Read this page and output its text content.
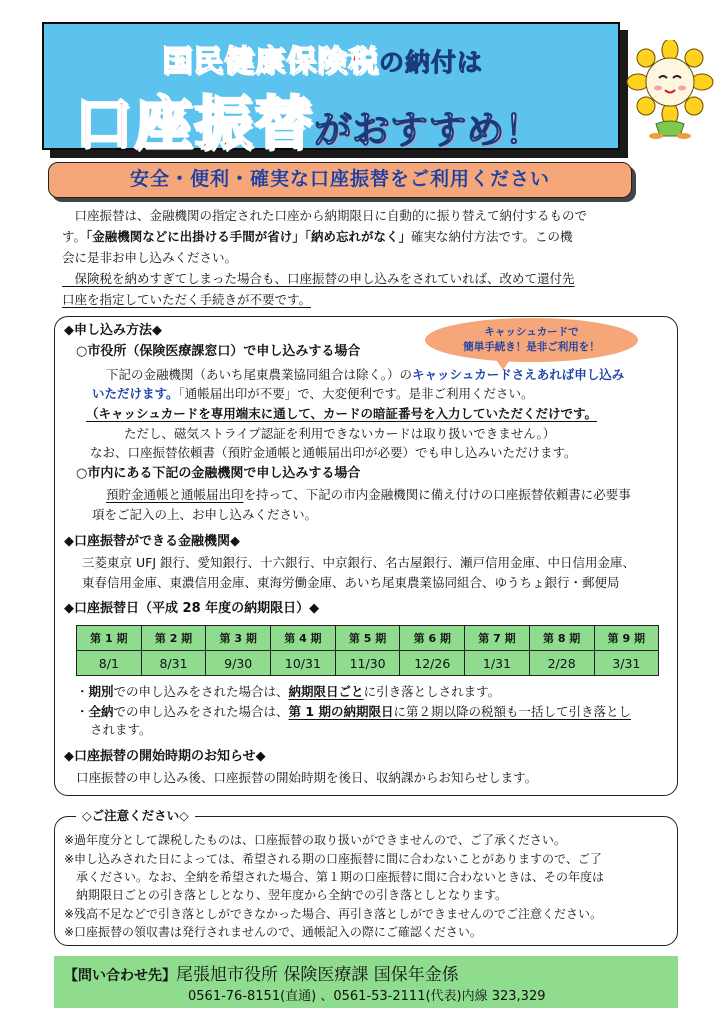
国民健康保険税の納付は
口座振替がおすすめ！
安全・便利・確実な口座振替をご利用ください

　口座振替は、金融機関の指定された口座から納期限日に自動的に振り替えて納付するもので

す。「金融機関などに出掛ける手間が省け」「納め忘れがなく」確実な納付方法です。この機

会に是非お申し込みください。

　保険税を納めすぎてしまった場合も、口座振替の申し込みをされていれば、改めて還付先

口座を指定していただく手続きが不要です。

キャッシュカードで
簡単手続き！是非ご利用を！
◆申し込み方法◆
○市役所（保険医療課窓口）で申し込みする場合
下記の金融機関（あいち尾東農業協同組合は除く。）のキャッシュカードさえあれば申し込み
いただけます。「通帳届出印が不要」で、大変便利です。是非ご利用ください。
（キャッシュカードを専用端末に通して、カードの暗証番号を入力していただくだけです。
ただし、磁気ストライプ認証を利用できないカードは取り扱いできません。）
なお、口座振替依頼書（預貯金通帳と通帳届出印が必要）でも申し込みいただけます。
○市内にある下記の金融機関で申し込みする場合
預貯金通帳と通帳届出印を持って、下記の市内金融機関に備え付けの口座振替依頼書に必要事
項をご記入の上、お申し込みください。
◆口座振替ができる金融機関◆
三菱東京 UFJ 銀行、愛知銀行、十六銀行、中京銀行、名古屋銀行、瀬戸信用金庫、中日信用金庫、
東春信用金庫、東濃信用金庫、東海労働金庫、あいち尾東農業協同組合、ゆうちょ銀行・郵便局
◆口座振替日（平成 28 年度の納期限日）◆
第 1 期	第 2 期	第 3 期	第 4 期	第 5 期	第 6 期	第 7 期	第 8 期	第 9 期
8/1	8/31	9/30	10/31	11/30	12/26	1/31	2/28	3/31
・期別での申し込みをされた場合は、納期限日ごとに引き落としされます。
・全納での申し込みをされた場合は、第 1 期の納期限日に第２期以降の税額も一括して引き落とし
されます。
◆口座振替の開始時期のお知らせ◆
口座振替の申し込み後、口座振替の開始時期を後日、収納課からお知らせします。
◇ご注意ください◇
※過年度分として課税したものは、口座振替の取り扱いができませんので、ご了承ください。
※申し込みされた日によっては、希望される期の口座振替に間に合わないことがありますので、ご了
　承ください。なお、全納を希望された場合、第１期の口座振替に間に合わないときは、その年度は
　納期限日ごとの引き落としとなり、翌年度から全納での引き落としとなります。
※残高不足などで引き落としができなかった場合、再引き落としができませんのでご注意ください。
※口座振替の領収書は発行されませんので、通帳記入の際にご確認ください。
【問い合わせ先】尾張旭市役所 保険医療課 国保年金係
0561-76-8151(直通) 、0561-53-2111(代表)内線 323,329
